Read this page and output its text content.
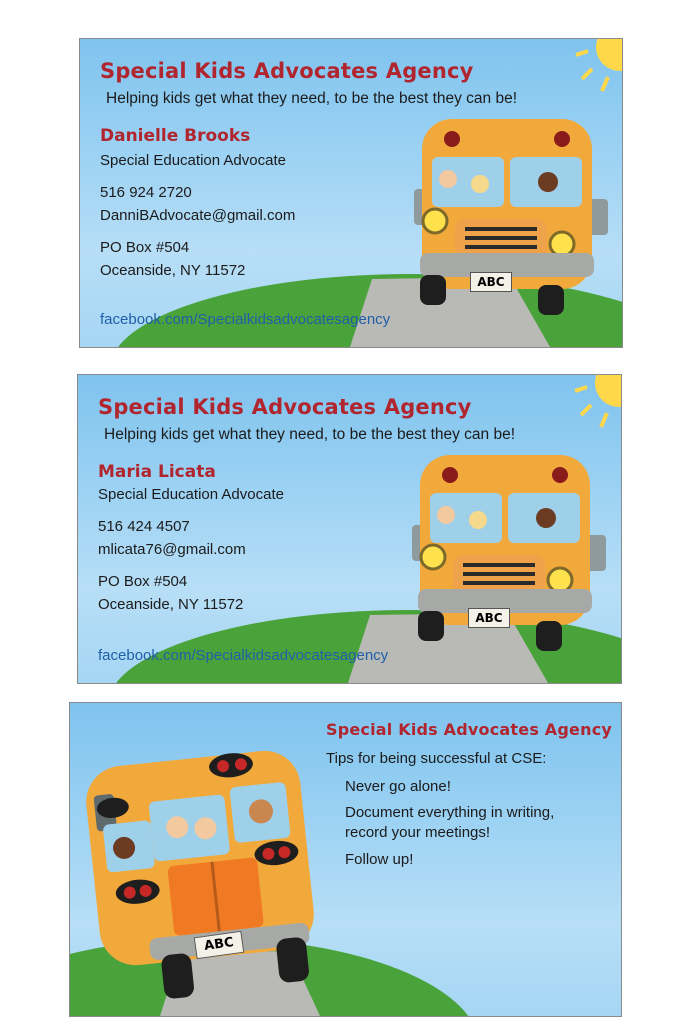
Special Kids Advocates Agency
Helping kids get what they need, to be the best they can be!
Danielle Brooks
Special Education Advocate
516 924 2720
DanniBAdvocate@gmail.com
PO Box #504
Oceanside, NY 11572
facebook.com/Specialkidsadvocatesagency
ABC
Special Kids Advocates Agency
Helping kids get what they need, to be the best they can be!
Maria Licata
Special Education Advocate
516 424 4507
mlicata76@gmail.com
PO Box #504
Oceanside, NY 11572
facebook.com/Specialkidsadvocatesagency
ABC
ABC
Special Kids Advocates Agency
Tips for being successful at CSE:
Never go alone!
Document everything in writing,
record your meetings!
Follow up!
